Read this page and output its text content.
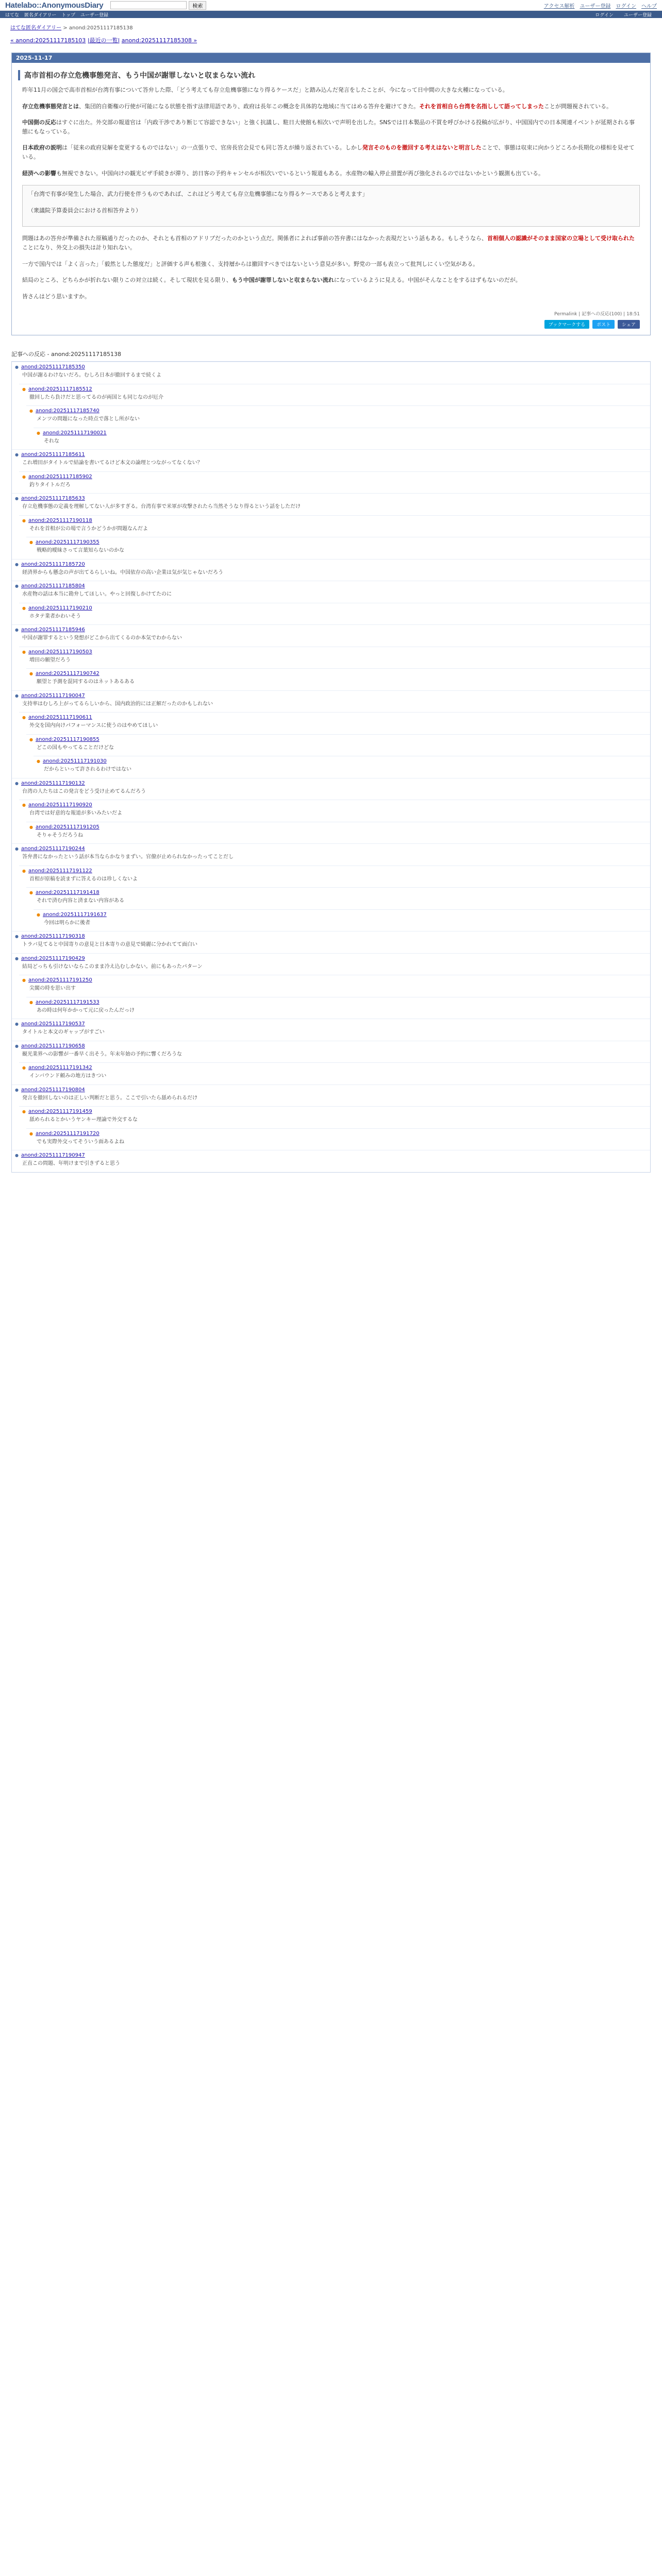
Hatelabo::AnonymousDiary	検索	アクセス解析 ユーザー登録 ログイン ヘルプ
はてな 匿名ダイアリー トップ ユーザー登録	ログイン ユーザー登録
はてな匿名ダイアリー > anond:20251117185138
« anond:20251117185103 |最近の一覧| anond:20251117185308 »
2025-11-17
高市首相の存立危機事態発言、もう中国が謝罪しないと収まらない流れ

昨年11月の国会で高市首相が台湾有事について答弁した際、「どう考えても存立危機事態になり得るケースだ」と踏み込んだ発言をしたことが、今になって日中間の大きな火種になっている。

存立危機事態発言とは、集団的自衛権の行使が可能になる状態を指す法律用語であり、政府は長年この概念を具体的な地域に当てはめる答弁を避けてきた。それを首相自ら台湾を名指しして語ってしまったことが問題視されている。

中国側の反応はすぐに出た。外交部の報道官は「内政干渉であり断じて容認できない」と強く抗議し、駐日大使館も相次いで声明を出した。SNSでは日本製品の不買を呼びかける投稿が広がり、中国国内での日本関連イベントが延期される事態にもなっている。

日本政府の説明は「従来の政府見解を変更するものではない」の一点張りで、官房長官会見でも同じ答えが繰り返されている。しかし発言そのものを撤回する考えはないと明言したことで、事態は収束に向かうどころか長期化の様相を見せている。

経済への影響も無視できない。中国向けの観光ビザ手続きが滞り、訪日客の予約キャンセルが相次いでいるという報道もある。水産物の輸入停止措置が再び強化されるのではないかという観測も出ている。

「台湾で有事が発生した場合、武力行使を伴うものであれば、これはどう考えても存立危機事態になり得るケースであると考えます」

（衆議院予算委員会における首相答弁より）

問題はあの答弁が準備された原稿通りだったのか、それとも首相のアドリブだったのかという点だ。関係者によれば事前の答弁書にはなかった表現だという話もある。もしそうなら、首相個人の認識がそのまま国家の立場として受け取られたことになり、外交上の損失は計り知れない。

一方で国内では「よく言った」「毅然とした態度だ」と評価する声も根強く、支持層からは撤回すべきではないという意見が多い。野党の一部も表立って批判しにくい空気がある。

結局のところ、どちらかが折れない限りこの対立は続く。そして現状を見る限り、もう中国が謝罪しないと収まらない流れになっているように見える。中国がそんなことをするはずもないのだが。

皆さんはどう思いますか。

Permalink | 記事への反応(100) | 18:51
ブックマークする	ポスト	シェア
記事への反応 - anond:20251117185138
● anond:20251117185350

中国が謝るわけないだろ。むしろ日本が撤回するまで続くよ

● anond:20251117185512

撤回したら負けだと思ってるのが両国とも同じなのが厄介

● anond:20251117185740

メンツの問題になった時点で落とし所がない

● anond:20251117190021

それな

● anond:20251117185611

これ増田がタイトルで結論を書いてるけど本文の論理とつながってなくない？

● anond:20251117185902

釣りタイトルだろ

● anond:20251117185633

存立危機事態の定義を理解してない人が多すぎる。台湾有事で米軍が攻撃されたら当然そうなり得るという話をしただけ

● anond:20251117190118

それを首相が公の場で言うかどうかが問題なんだよ

● anond:20251117190355

戦略的曖昧さって言葉知らないのかな

● anond:20251117185720

経済界からも懸念の声が出てるらしいね。中国依存の高い企業は気が気じゃないだろう

● anond:20251117185804

水産物の話は本当に勘弁してほしい。やっと回復しかけてたのに

● anond:20251117190210

ホタテ業者かわいそう

● anond:20251117185946

中国が謝罪するという発想がどこから出てくるのか本気でわからない

● anond:20251117190503

増田の願望だろう

● anond:20251117190742

願望と予測を混同するのはネットあるある

● anond:20251117190047

支持率はむしろ上がってるらしいから、国内政治的には正解だったのかもしれない

● anond:20251117190611

外交を国内向けパフォーマンスに使うのはやめてほしい

● anond:20251117190855

どこの国もやってることだけどな

● anond:20251117191030

だからといって許されるわけではない

● anond:20251117190132

台湾の人たちはこの発言をどう受け止めてるんだろう

● anond:20251117190920

台湾では好意的な報道が多いみたいだよ

● anond:20251117191205

そりゃそうだろうね

● anond:20251117190244

答弁書になかったという話が本当ならかなりまずい。官僚が止められなかったってことだし

● anond:20251117191122

首相が原稿を読まずに答えるのは珍しくないよ

● anond:20251117191418

それで済む内容と済まない内容がある

● anond:20251117191637

今回は明らかに後者

● anond:20251117190318

トラバ見てると中国寄りの意見と日本寄りの意見で綺麗に分かれてて面白い

● anond:20251117190429

結局どっちも引けないならこのまま冷え込むしかない。前にもあったパターン

● anond:20251117191250

尖閣の時を思い出す

● anond:20251117191533

あの時は何年かかって元に戻ったんだっけ

● anond:20251117190537

タイトルと本文のギャップがすごい

● anond:20251117190658

観光業界への影響が一番早く出そう。年末年始の予約に響くだろうな

● anond:20251117191342

インバウンド頼みの地方はきつい

● anond:20251117190804

発言を撤回しないのは正しい判断だと思う。ここで引いたら舐められるだけ

● anond:20251117191459

舐められるとかいうヤンキー理論で外交するな

● anond:20251117191720

でも実際外交ってそういう面あるよね

● anond:20251117190947

正直この問題、年明けまで引きずると思う
